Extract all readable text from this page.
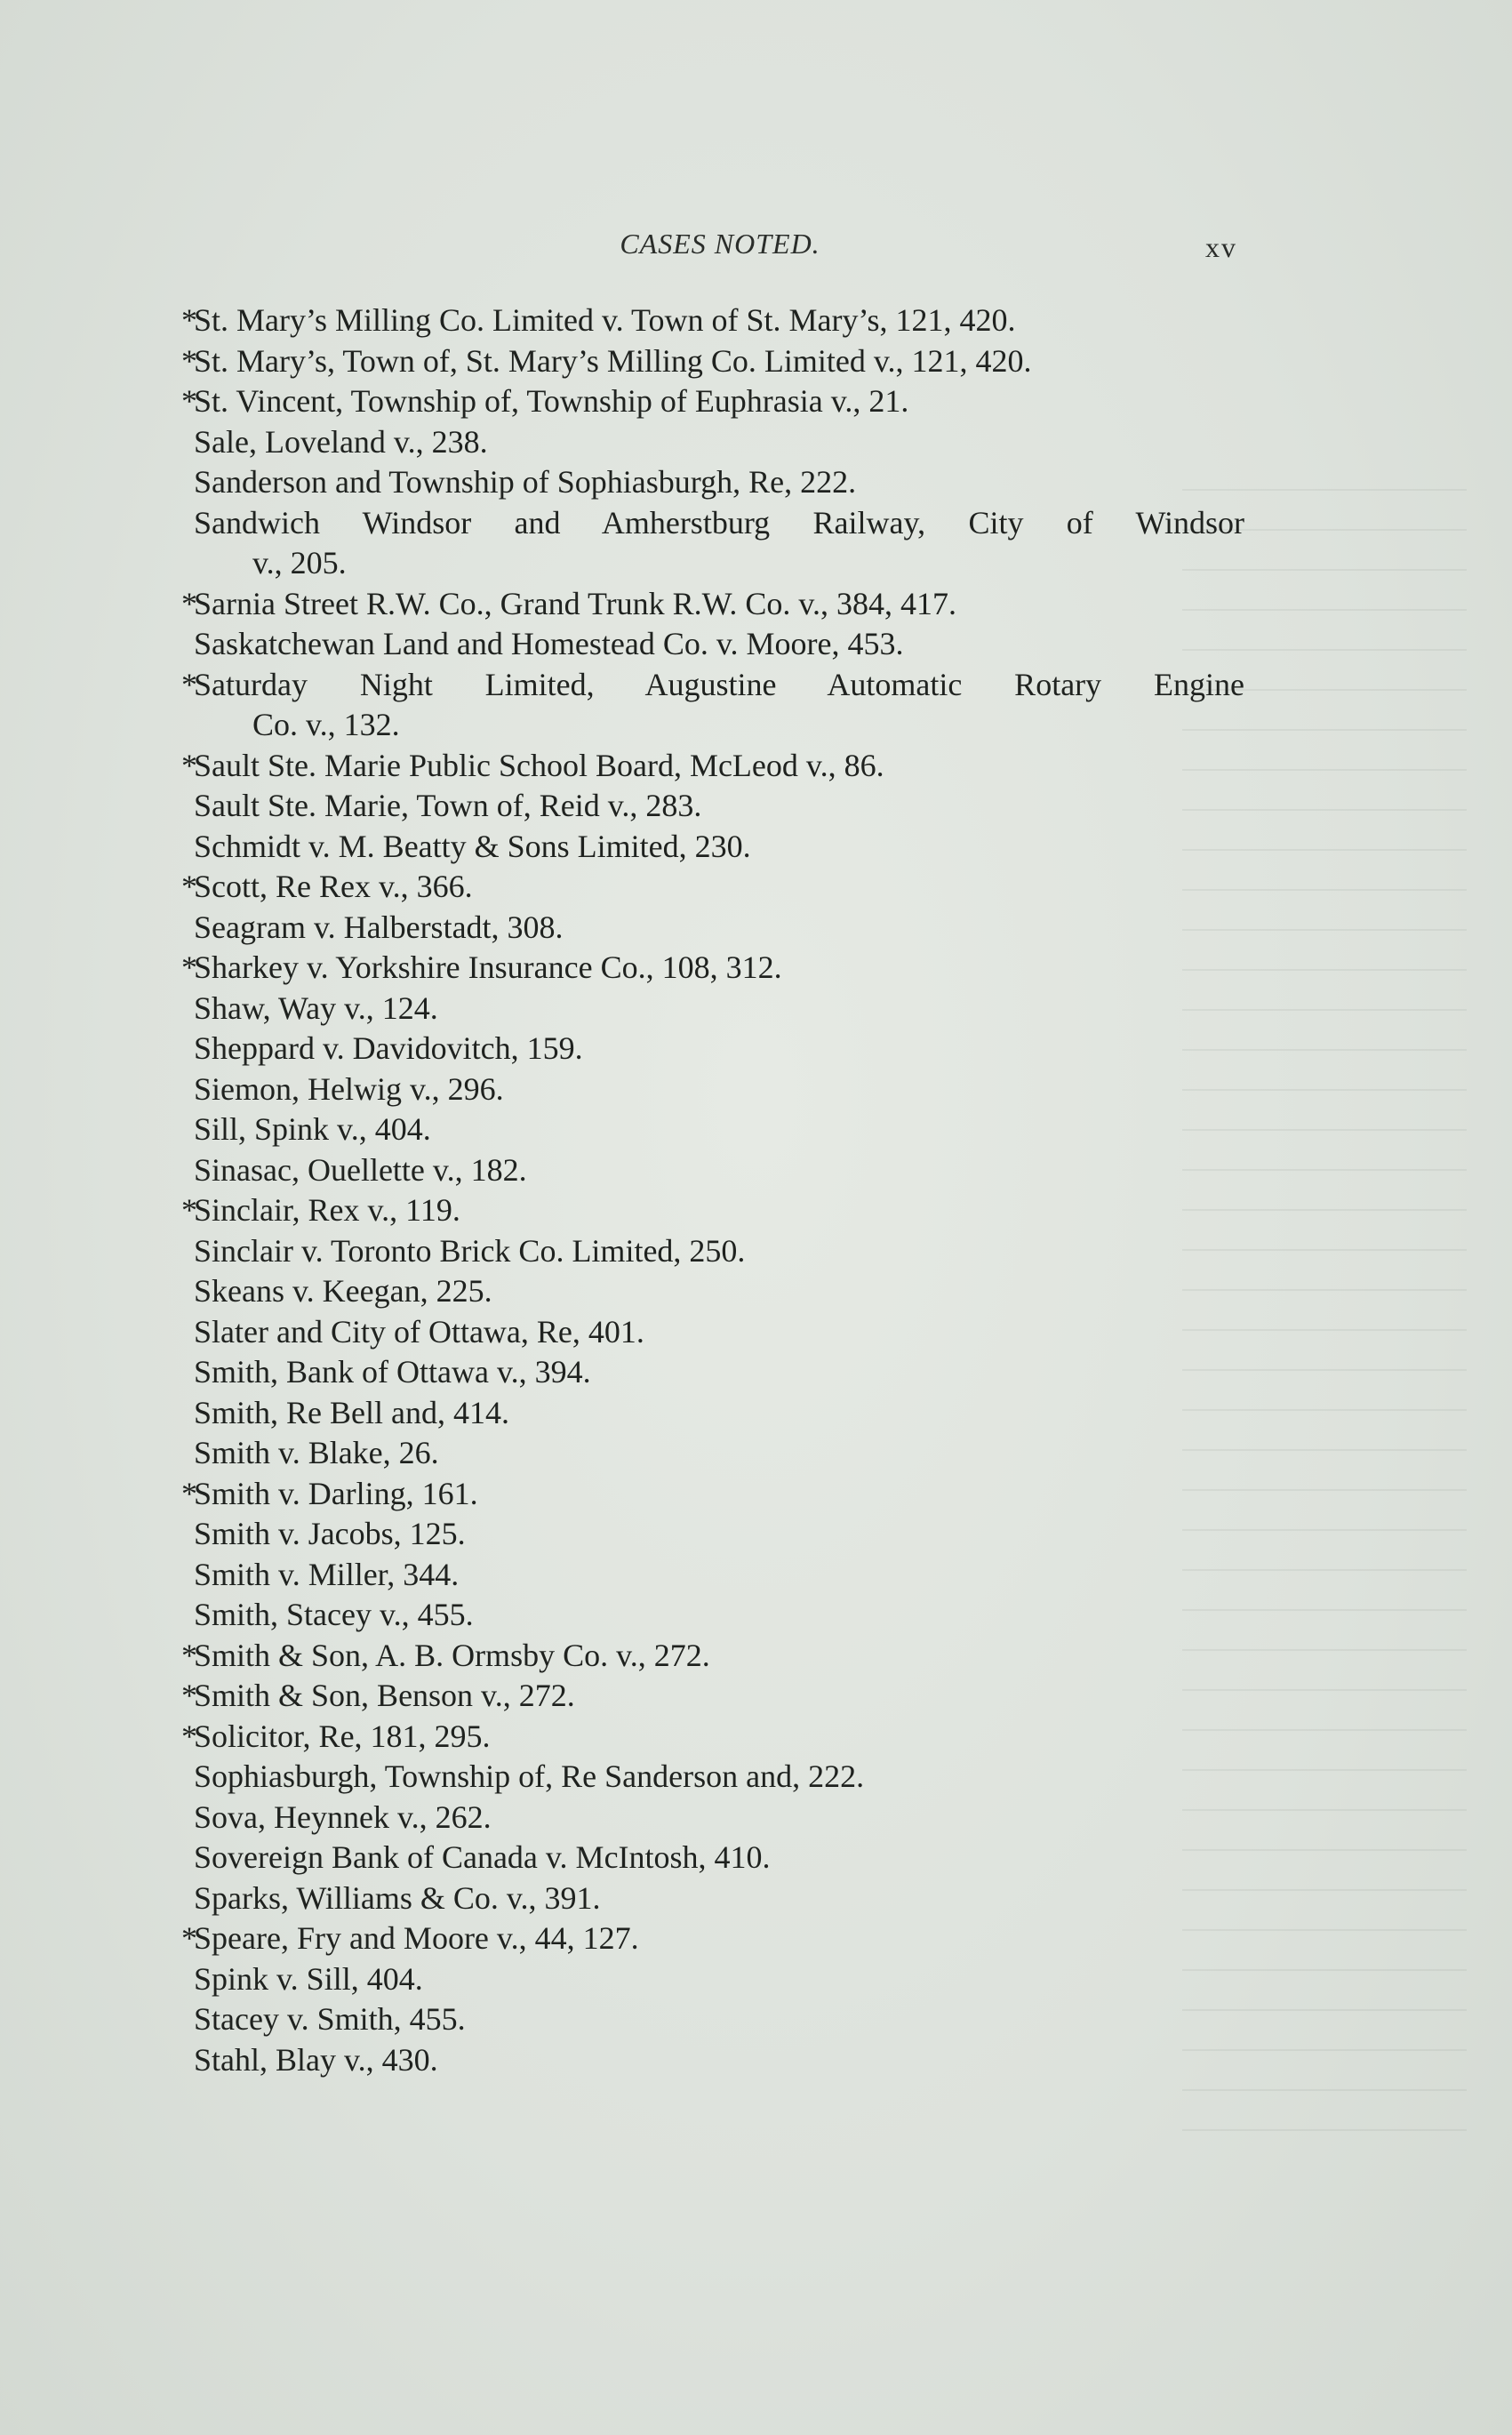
CASES NOTED.	xv
*
St. Mary’s Milling Co. Limited v. Town of St. Mary’s, 121, 420.
*
St. Mary’s, Town of, St. Mary’s Milling Co. Limited v., 121, 420.
*
St. Vincent, Township of, Township of Euphrasia v., 21.
Sale, Loveland v., 238.
Sanderson and Township of Sophiasburgh, Re, 222.
Sandwich Windsor and Amherstburg Railway, City of Windsor
v., 205.
*
Sarnia Street R.W. Co., Grand Trunk R.W. Co. v., 384, 417.
Saskatchewan Land and Homestead Co. v. Moore, 453.
*
Saturday Night Limited, Augustine Automatic Rotary Engine
Co. v., 132.
*
Sault Ste. Marie Public School Board, McLeod v., 86.
Sault Ste. Marie, Town of, Reid v., 283.
Schmidt v. M. Beatty & Sons Limited, 230.
*
Scott, Re Rex v., 366.
Seagram v. Halberstadt, 308.
*
Sharkey v. Yorkshire Insurance Co., 108, 312.
Shaw, Way v., 124.
Sheppard v. Davidovitch, 159.
Siemon, Helwig v., 296.
Sill, Spink v., 404.
Sinasac, Ouellette v., 182.
*
Sinclair, Rex v., 119.
Sinclair v. Toronto Brick Co. Limited, 250.
Skeans v. Keegan, 225.
Slater and City of Ottawa, Re, 401.
Smith, Bank of Ottawa v., 394.
Smith, Re Bell and, 414.
Smith v. Blake, 26.
*
Smith v. Darling, 161.
Smith v. Jacobs, 125.
Smith v. Miller, 344.
Smith, Stacey v., 455.
*
Smith & Son, A. B. Ormsby Co. v., 272.
*
Smith & Son, Benson v., 272.
*
Solicitor, Re, 181, 295.
Sophiasburgh, Township of, Re Sanderson and, 222.
Sova, Heynnek v., 262.
Sovereign Bank of Canada v. McIntosh, 410.
Sparks, Williams & Co. v., 391.
*
Speare, Fry and Moore v., 44, 127.
Spink v. Sill, 404.
Stacey v. Smith, 455.
Stahl, Blay v., 430.
